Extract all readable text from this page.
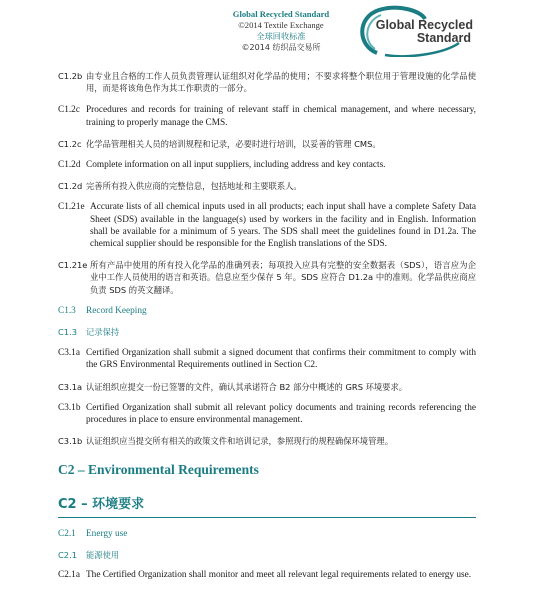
Global Recycled Standard
©2014 Textile Exchange
全球回收标准
©2014 纺织品交易所
Global Recycled
Standard
C1.2b 由专业且合格的工作人员负责管理认证组织对化学品的使用；不要求将整个职位用于管理设施的化学品使用，而是将该角色作为其工作职责的一部分。
C1.2c Procedures and records for training of relevant staff in chemical management, and where necessary, training to properly manage the CMS.
C1.2c 化学品管理相关人员的培训规程和记录，必要时进行培训，以妥善的管理 CMS。
C1.2d Complete information on all input suppliers, including address and key contacts.
C1.2d 完善所有投入供应商的完整信息，包括地址和主要联系人。
C1.21e Accurate lists of all chemical inputs used in all products; each input shall have a complete Safety Data Sheet (SDS) available in the language(s) used by workers in the facility and in English. Information shall be available for a minimum of 5 years. The SDS shall meet the guidelines found in D1.2a. The chemical supplier should be responsible for the English translations of the SDS.
C1.21e 所有产品中使用的所有投入化学品的准确列表；每项投入应具有完整的安全数据表（SDS），语言应为企业中工作人员使用的语言和英语。信息应至少保存 5 年。SDS 应符合 D1.2a 中的准则。化学品供应商应负责 SDS 的英文翻译。
C1.3	Record Keeping
C1.3	记录保持
C3.1a Certified Organization shall submit a signed document that confirms their commitment to comply with the GRS Environmental Requirements outlined in Section C2.
C3.1a 认证组织应提交一份已签署的文件，确认其承诺符合 B2 部分中概述的 GRS 环境要求。
C3.1b Certified Organization shall submit all relevant policy documents and training records referencing the procedures in place to ensure environmental management.
C3.1b 认证组织应当提交所有相关的政策文件和培训记录，参照现行的规程确保环境管理。
C2 – Environmental Requirements
C2 – 环境要求
C2.1	Energy use
C2.1	能源使用
C2.1a The Certified Organization shall monitor and meet all relevant legal requirements related to energy use.
